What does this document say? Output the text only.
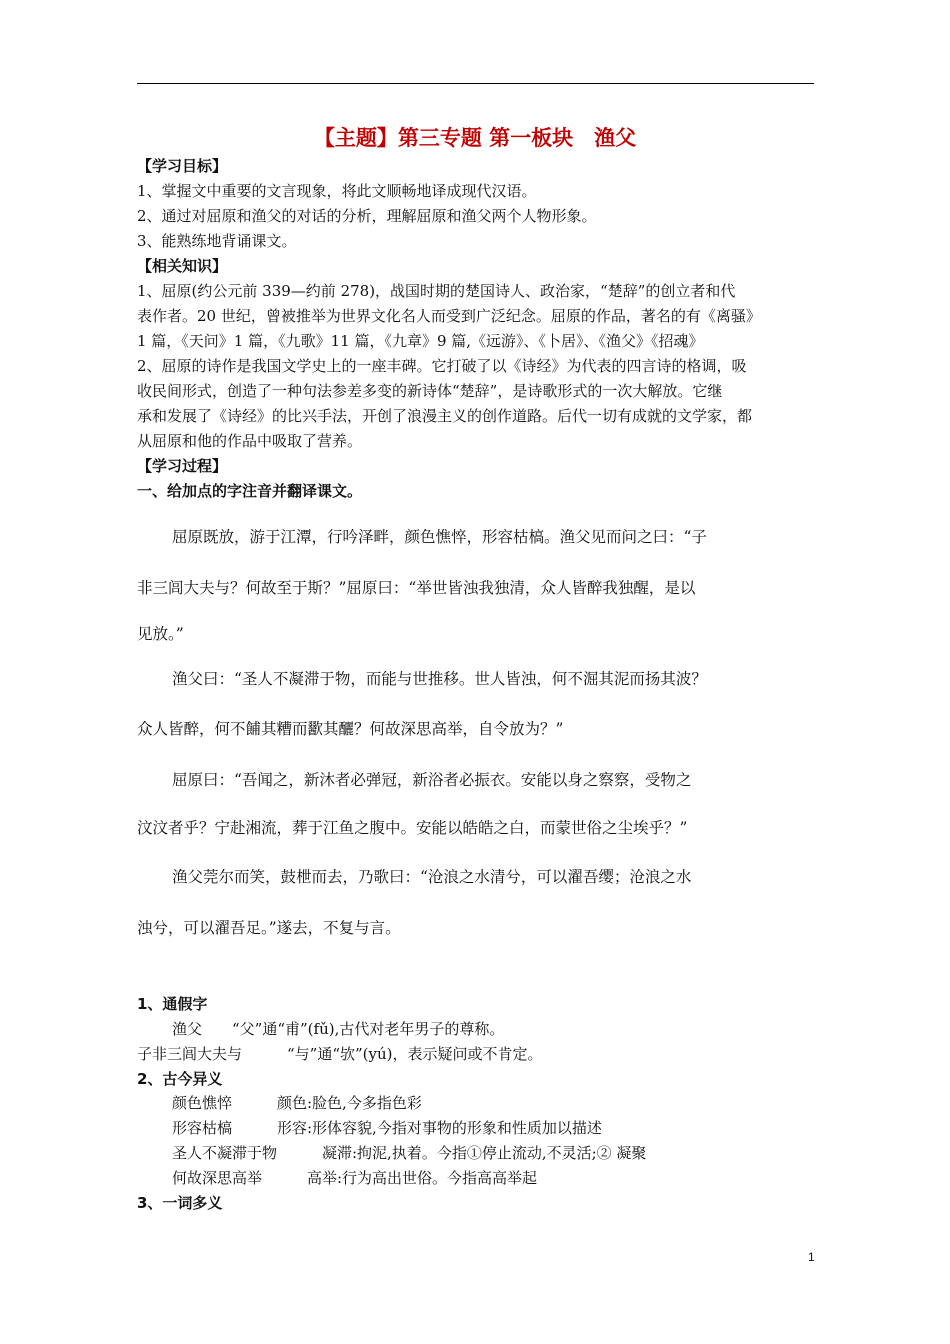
【主题】第三专题 第一板块　渔父
【学习目标】
1、掌握文中重要的文言现象，将此文顺畅地译成现代汉语。
2、通过对屈原和渔父的对话的分析，理解屈原和渔父两个人物形象。
3、能熟练地背诵课文。
【相关知识】
1、屈原(约公元前 339—约前 278)，战国时期的楚国诗人、政治家，“楚辞”的创立者和代
表作者。20 世纪，曾被推举为世界文化名人而受到广泛纪念。屈原的作品，著名的有《离骚》
1 篇，《天问》1 篇，《九歌》11 篇，《九章》9 篇,《远游》、《卜居》、《渔父》《招魂》
2、屈原的诗作是我国文学史上的一座丰碑。它打破了以《诗经》为代表的四言诗的格调，吸
收民间形式，创造了一种句法参差多变的新诗体“楚辞”，是诗歌形式的一次大解放。它继
承和发展了《诗经》的比兴手法，开创了浪漫主义的创作道路。后代一切有成就的文学家，都
从屈原和他的作品中吸取了营养。
【学习过程】
一、给加点的字注音并翻译课文。
屈原既放，游于江潭，行吟泽畔，颜色憔悴，形容枯槁。渔父见而问之曰：“子
非三闾大夫与？何故至于斯？”屈原曰：“举世皆浊我独清，众人皆醉我独醒，是以
见放。”
渔父曰：“圣人不凝滞于物，而能与世推移。世人皆浊，何不淈其泥而扬其波？
众人皆醉，何不餔其糟而歠其釃？何故深思高举，自令放为？”
屈原曰：“吾闻之，新沐者必弹冠，新浴者必振衣。安能以身之察察，受物之
汶汶者乎？宁赴湘流，葬于江鱼之腹中。安能以皓皓之白，而蒙世俗之尘埃乎？”
渔父莞尔而笑，鼓枻而去，乃歌曰：“沧浪之水清兮，可以濯吾缨；沧浪之水
浊兮，可以濯吾足。”遂去，不复与言。
1、通假字
渔父　　“父”通“甫”(fǔ),古代对老年男子的尊称。
子非三闾大夫与　　　“与”通“欤”(yú)，表示疑问或不肯定。
2、古今异义
颜色憔悴　　　颜色:脸色,今多指色彩
形容枯槁　　　形容:形体容貌,今指对事物的形象和性质加以描述
圣人不凝滞于物　　　凝滞:拘泥,执着。今指①停止流动,不灵活;② 凝聚
何故深思高举　　　高举:行为高出世俗。今指高高举起
3、一词多义
1
